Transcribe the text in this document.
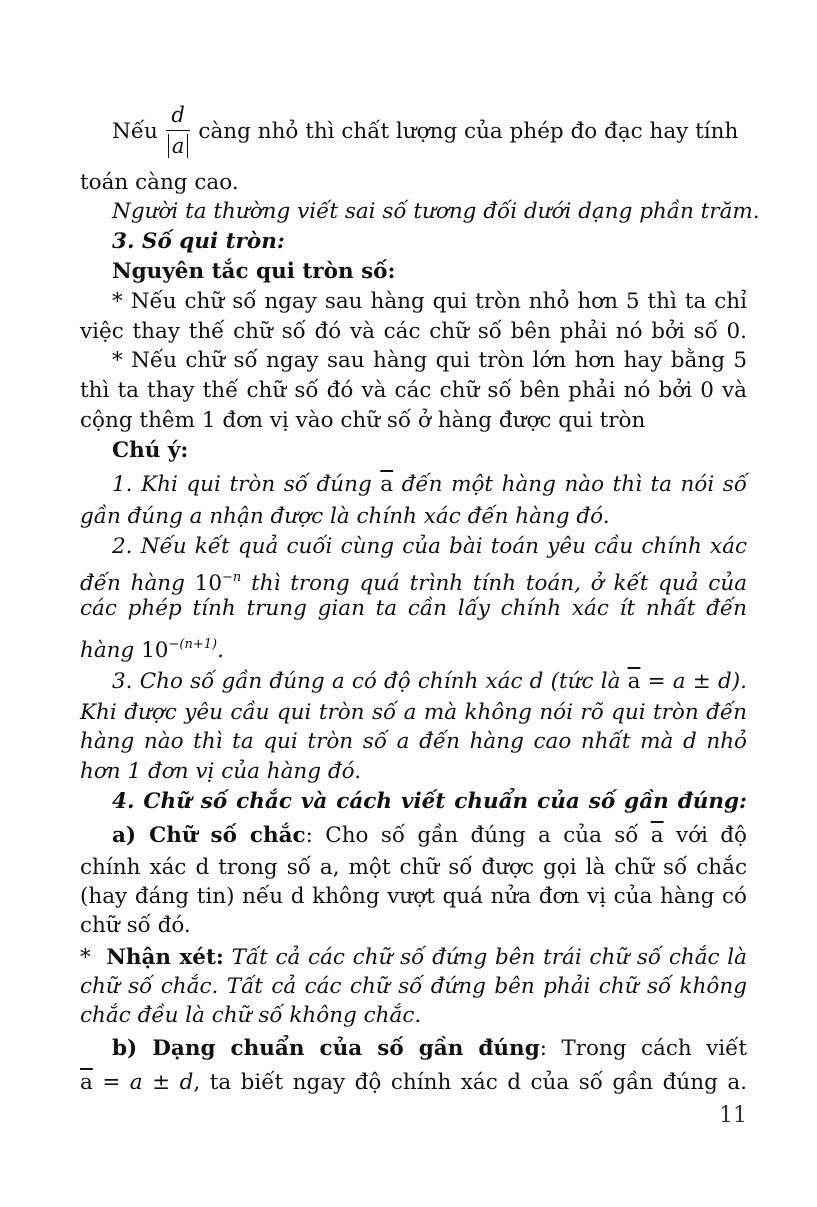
Nếu $\frac{d}{a}$ càng nhỏ thì chất lượng của phép đo đạc hay tính
toán càng cao.
Người ta thường viết sai số tương đối dưới dạng phần trăm.
3. Số qui tròn:
Nguyên tắc qui tròn số:
* Nếu chữ số ngay sau hàng qui tròn nhỏ hơn 5 thì ta chỉ
việc thay thế chữ số đó và các chữ số bên phải nó bởi số 0.
* Nếu chữ số ngay sau hàng qui tròn lớn hơn hay bằng 5
thì ta thay thế chữ số đó và các chữ số bên phải nó bởi 0 và
cộng thêm 1 đơn vị vào chữ số ở hàng được qui tròn
Chú ý:
1. Khi qui tròn số đúng $\overline{a}$ đến một hàng nào thì ta nói số
gần đúng a nhận được là chính xác đến hàng đó.
2. Nếu kết quả cuối cùng của bài toán yêu cầu chính xác
đến hàng $10^{-n}$ thì trong quá trình tính toán, ở kết quả của
các phép tính trung gian ta cần lấy chính xác ít nhất đến
hàng $10^{-(n+1)}$.
3. Cho số gần đúng a có độ chính xác d (tức là $\overline{a} = a \pm d$).
Khi được yêu cầu qui tròn số a mà không nói rõ qui tròn đến
hàng nào thì ta qui tròn số a đến hàng cao nhất mà d nhỏ
hơn 1 đơn vị của hàng đó.
4. Chữ số chắc và cách viết chuẩn của số gần đúng:
a) Chữ số chắc: Cho số gần đúng a của số $\overline{a}$ với độ
chính xác d trong số a, một chữ số được gọi là chữ số chắc
(hay đáng tin) nếu d không vượt quá nửa đơn vị của hàng có
chữ số đó.
* Nhận xét: Tất cả các chữ số đứng bên trái chữ số chắc là
chữ số chắc. Tất cả các chữ số đứng bên phải chữ số không
chắc đều là chữ số không chắc.
b) Dạng chuẩn của số gần đúng: Trong cách viết
$\overline{a} = a \pm d$, ta biết ngay độ chính xác d của số gần đúng a.
11
